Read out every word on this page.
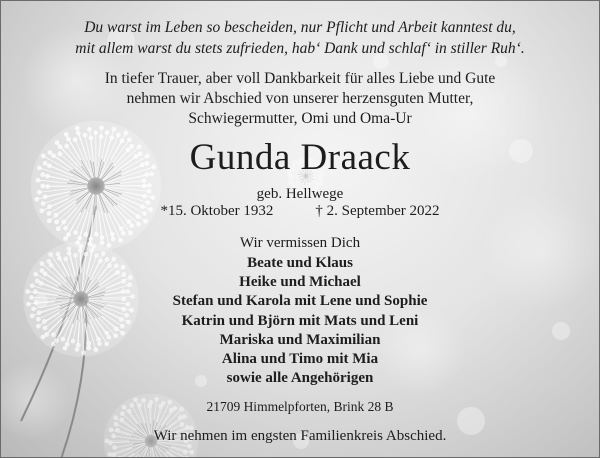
Du warst im Leben so bescheiden, nur Pflicht und Arbeit kanntest du,
mit allem warst du stets zufrieden, hab‘ Dank und schlaf‘ in stiller Ruh‘.
In tiefer Trauer, aber voll Dankbarkeit für alles Liebe und Gute
nehmen wir Abschied von unserer herzensguten Mutter,
Schwiegermutter, Omi und Oma-Ur
Gunda Draack
geb. Hellwege
*15. Oktober 1932	† 2. September 2022
Wir vermissen Dich
Beate und Klaus
Heike und Michael
Stefan und Karola mit Lene und Sophie
Katrin und Björn mit Mats und Leni
Mariska und Maximilian
Alina und Timo mit Mia
sowie alle Angehörigen
21709 Himmelpforten, Brink 28 B
Wir nehmen im engsten Familienkreis Abschied.
